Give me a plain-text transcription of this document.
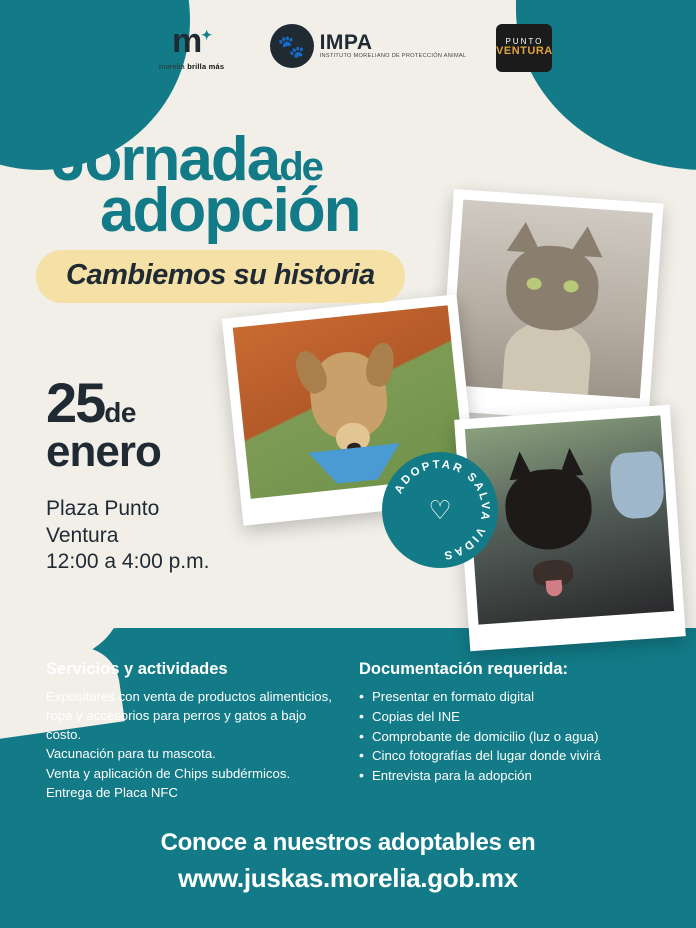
m✦
morelia brilla más
🐾 IMPA
INSTITUTO MORELIANO DE PROTECCIÓN ANIMAL
PUNTO
VENTURA
1er.
Jornadade
adopción
Cambiemos su historia
25de
enero
Plaza Punto
Ventura
12:00 a 4:00 p.m.
ADOPTAR SALVA VIDAS
♡
Servicios y actividades

Expositores con venta de productos alimenticios, ropa y accesorios para perros y gatos a bajo costo.
Vacunación para tu mascota.
Venta y aplicación de Chips subdérmicos.
Entrega de Placa NFC

Documentación requerida:
• Presentar en formato digital
• Copias del INE
• Comprobante de domicilio (luz o agua)
• Cinco fotografías del lugar donde vivirá
• Entrevista para la adopción
Conoce a nuestros adoptables en
www.juskas.morelia.gob.mx
